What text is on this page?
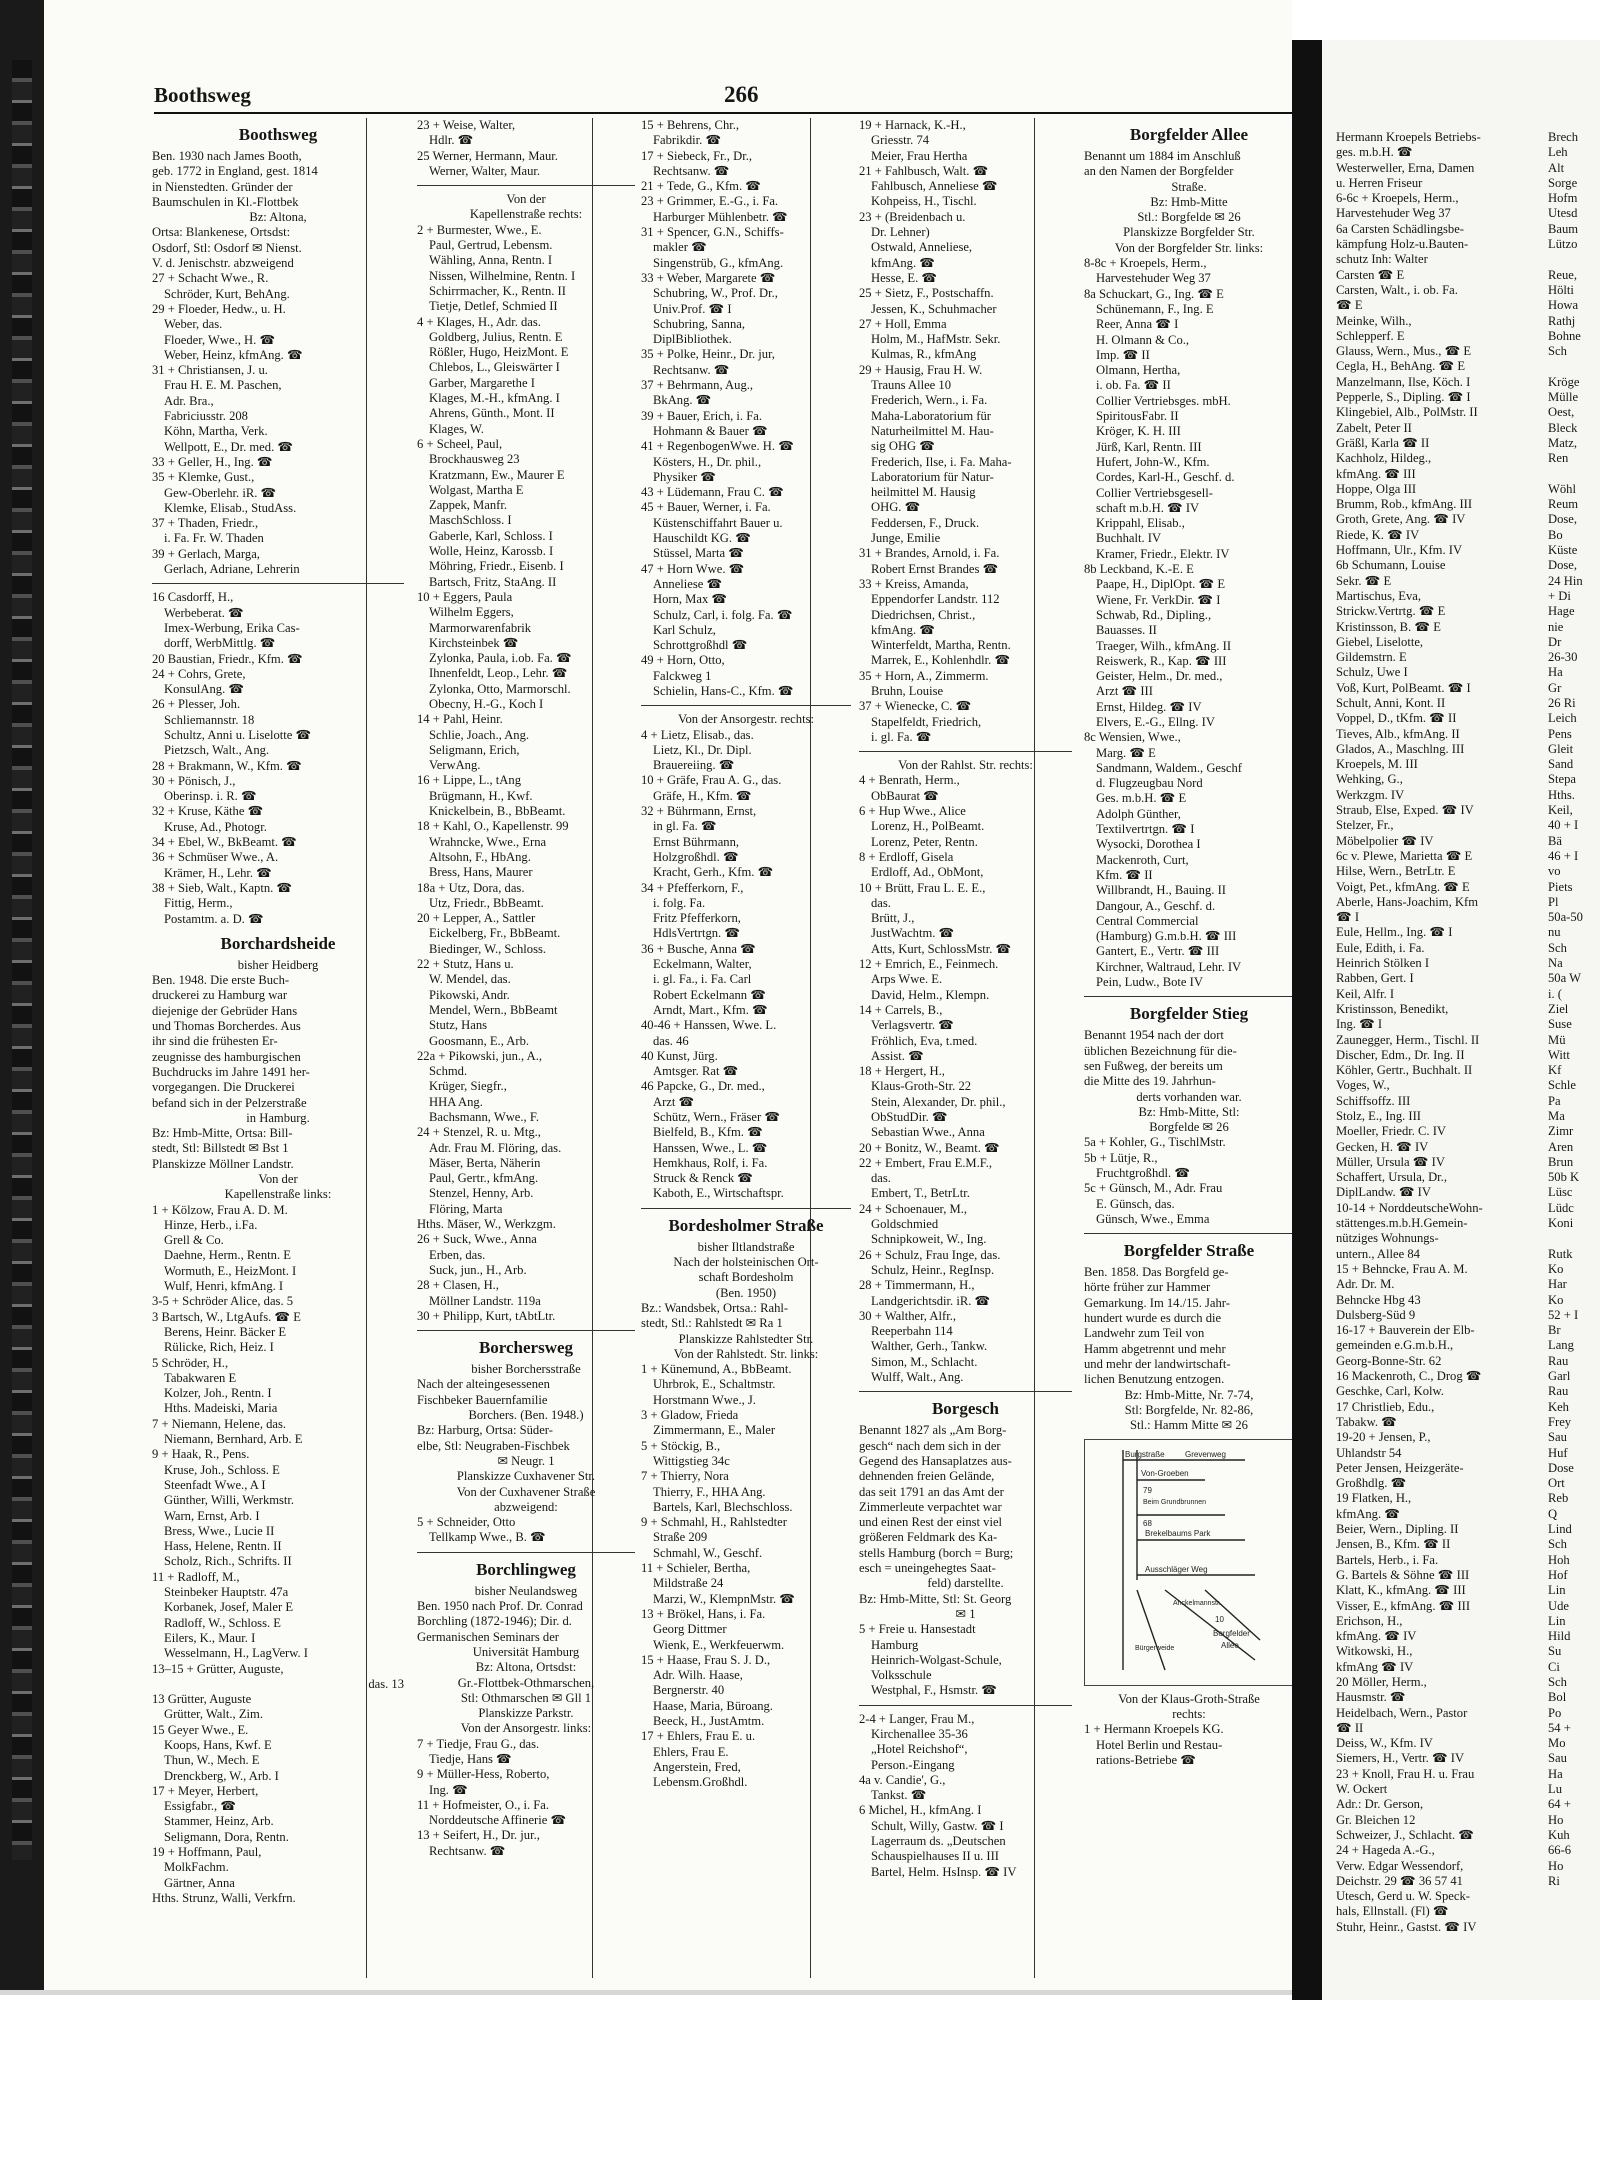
Boothsweg	266
Boothsweg
Ben. 1930 nach James Booth,
geb. 1772 in England, gest. 1814
in Nienstedten. Gründer der
Baumschulen in Kl.-Flottbek
Bz: Altona,
Ortsa: Blankenese, Ortsdst:
Osdorf, Stl: Osdorf ✉ Nienst.
V. d. Jenischstr. abzweigend
27 + Schacht Wwe., R.
Schröder, Kurt, BehAng.
29 + Floeder, Hedw., u. H.
Weber, das.
Floeder, Wwe., H. ☎
Weber, Heinz, kfmAng. ☎
31 + Christiansen, J. u.
Frau H. E. M. Paschen,
Adr. Bra.,
Fabriciusstr. 208
Köhn, Martha, Verk.
Wellpott, E., Dr. med. ☎
33 + Geller, H., Ing. ☎
35 + Klemke, Gust.,
Gew-Oberlehr. iR. ☎
Klemke, Elisab., StudAss.
37 + Thaden, Friedr.,
i. Fa. Fr. W. Thaden
39 + Gerlach, Marga,
Gerlach, Adriane, Lehrerin
16 Casdorff, H.,
Werbeberat. ☎
Imex-Werbung, Erika Cas-
dorff, WerbMittlg. ☎
20 Baustian, Friedr., Kfm. ☎
24 + Cohrs, Grete,
KonsulAng. ☎
26 + Plesser, Joh.
Schliemannstr. 18
Schultz, Anni u. Liselotte ☎
Pietzsch, Walt., Ang.
28 + Brakmann, W., Kfm. ☎
30 + Pönisch, J.,
Oberinsp. i. R. ☎
32 + Kruse, Käthe ☎
Kruse, Ad., Photogr.
34 + Ebel, W., BkBeamt. ☎
36 + Schmüser Wwe., A.
Krämer, H., Lehr. ☎
38 + Sieb, Walt., Kaptn. ☎
Fittig, Herm.,
Postamtm. a. D. ☎
Borchardsheide
bisher Heidberg
Ben. 1948. Die erste Buch-
druckerei zu Hamburg war
diejenige der Gebrüder Hans
und Thomas Borcherdes. Aus
ihr sind die frühesten Er-
zeugnisse des hamburgischen
Buchdrucks im Jahre 1491 her-
vorgegangen. Die Druckerei
befand sich in der Pelzerstraße
in Hamburg.
Bz: Hmb-Mitte, Ortsa: Bill-
stedt, Stl: Billstedt ✉ Bst 1
Planskizze Möllner Landstr.
Von der
Kapellenstraße links:
1 + Kölzow, Frau A. D. M.
Hinze, Herb., i.Fa.
Grell & Co.
Daehne, Herm., Rentn. E
Wormuth, E., HeizMont. I
Wulf, Henri, kfmAng. I
3-5 + Schröder Alice, das. 5
3 Bartsch, W., LtgAufs. ☎ E
Berens, Heinr. Bäcker E
Rülicke, Rich, Heiz. I
5 Schröder, H.,
Tabakwaren E
Kolzer, Joh., Rentn. I
Hths. Madeiski, Maria
7 + Niemann, Helene, das.
Niemann, Bernhard, Arb. E
9 + Haak, R., Pens.
Kruse, Joh., Schloss. E
Steenfadt Wwe., A I
Günther, Willi, Werkmstr.
Warn, Ernst, Arb. I
Bress, Wwe., Lucie II
Hass, Helene, Rentn. II
Scholz, Rich., Schrifts. II
11 + Radloff, M.,
Steinbeker Hauptstr. 47a
Korbanek, Josef, Maler E
Radloff, W., Schloss. E
Eilers, K., Maur. I
Wesselmann, H., LagVerw. I
13–15 + Grütter, Auguste,
das. 13
13 Grütter, Auguste
Grütter, Walt., Zim.
15 Geyer Wwe., E.
Koops, Hans, Kwf. E
Thun, W., Mech. E
Drenckberg, W., Arb. I
17 + Meyer, Herbert,
Essigfabr., ☎
Stammer, Heinz, Arb.
Seligmann, Dora, Rentn.
19 + Hoffmann, Paul,
MolkFachm.
Gärtner, Anna
Hths. Strunz, Walli, Verkfrn.
23 + Weise, Walter,
Hdlr. ☎
25 Werner, Hermann, Maur.
Werner, Walter, Maur.
Von der
Kapellenstraße rechts:
2 + Burmester, Wwe., E.
Paul, Gertrud, Lebensm.
Wähling, Anna, Rentn. I
Nissen, Wilhelmine, Rentn. I
Schirrmacher, K., Rentn. II
Tietje, Detlef, Schmied II
4 + Klages, H., Adr. das.
Goldberg, Julius, Rentn. E
Rößler, Hugo, HeizMont. E
Chlebos, L., Gleiswärter I
Garber, Margarethe I
Klages, M.-H., kfmAng. I
Ahrens, Günth., Mont. II
Klages, W.
6 + Scheel, Paul,
Brockhausweg 23
Kratzmann, Ew., Maurer E
Wolgast, Martha E
Zappek, Manfr.
MaschSchloss. I
Gaberle, Karl, Schloss. I
Wolle, Heinz, Karossb. I
Möhring, Friedr., Eisenb. I
Bartsch, Fritz, StaAng. II
10 + Eggers, Paula
Wilhelm Eggers,
Marmorwarenfabrik
Kirchsteinbek ☎
Zylonka, Paula, i.ob. Fa. ☎
Ihnenfeldt, Leop., Lehr. ☎
Zylonka, Otto, Marmorschl.
Obecny, H.-G., Koch I
14 + Pahl, Heinr.
Schlie, Joach., Ang.
Seligmann, Erich,
VerwAng.
16 + Lippe, L., tAng
Brügmann, H., Kwf.
Knickelbein, B., BbBeamt.
18 + Kahl, O., Kapellenstr. 99
Wrahncke, Wwe., Erna
Altsohn, F., HbAng.
Bress, Hans, Maurer
18a + Utz, Dora, das.
Utz, Friedr., BbBeamt.
20 + Lepper, A., Sattler
Eickelberg, Fr., BbBeamt.
Biedinger, W., Schloss.
22 + Stutz, Hans u.
W. Mendel, das.
Pikowski, Andr.
Mendel, Wern., BbBeamt
Stutz, Hans
Goosmann, E., Arb.
22a + Pikowski, jun., A.,
Schmd.
Krüger, Siegfr.,
HHA Ang.
Bachsmann, Wwe., F.
24 + Stenzel, R. u. Mtg.,
Adr. Frau M. Flöring, das.
Mäser, Berta, Näherin
Paul, Gertr., kfmAng.
Stenzel, Henny, Arb.
Flöring, Marta
Hths. Mäser, W., Werkzgm.
26 + Suck, Wwe., Anna
Erben, das.
Suck, jun., H., Arb.
28 + Clasen, H.,
Möllner Landstr. 119a
30 + Philipp, Kurt, tAbtLtr.
Borchersweg
bisher Borchersstraße
Nach der alteingesessenen
Fischbeker Bauernfamilie
Borchers. (Ben. 1948.)
Bz: Harburg, Ortsa: Süder-
elbe, Stl: Neugraben-Fischbek
✉ Neugr. 1
Planskizze Cuxhavener Str.
Von der Cuxhavener Straße
abzweigend:
5 + Schneider, Otto
Tellkamp Wwe., B. ☎
Borchlingweg
bisher Neulandsweg
Ben. 1950 nach Prof. Dr. Conrad
Borchling (1872-1946); Dir. d.
Germanischen Seminars der
Universität Hamburg
Bz: Altona, Ortsdst:
Gr.-Flottbek-Othmarschen,
Stl: Othmarschen ✉ Gll 1
Planskizze Parkstr.
Von der Ansorgestr. links:
7 + Tiedje, Frau G., das.
Tiedje, Hans ☎
9 + Müller-Hess, Roberto,
Ing. ☎
11 + Hofmeister, O., i. Fa.
Norddeutsche Affinerie ☎
13 + Seifert, H., Dr. jur.,
Rechtsanw. ☎
15 + Behrens, Chr.,
Fabrikdir. ☎
17 + Siebeck, Fr., Dr.,
Rechtsanw. ☎
21 + Tede, G., Kfm. ☎
23 + Grimmer, E.-G., i. Fa.
Harburger Mühlenbetr. ☎
31 + Spencer, G.N., Schiffs-
makler ☎
Singenstrüb, G., kfmAng.
33 + Weber, Margarete ☎
Schubring, W., Prof. Dr.,
Univ.Prof. ☎ I
Schubring, Sanna,
DiplBibliothek.
35 + Polke, Heinr., Dr. jur,
Rechtsanw. ☎
37 + Behrmann, Aug.,
BkAng. ☎
39 + Bauer, Erich, i. Fa.
Hohmann & Bauer ☎
41 + RegenbogenWwe. H. ☎
Kösters, H., Dr. phil.,
Physiker ☎
43 + Lüdemann, Frau C. ☎
45 + Bauer, Werner, i. Fa.
Küstenschiffahrt Bauer u.
Hauschildt KG. ☎
Stüssel, Marta ☎
47 + Horn Wwe. ☎
Anneliese ☎
Horn, Max ☎
Schulz, Carl, i. folg. Fa. ☎
Karl Schulz,
Schrottgroßhdl ☎
49 + Horn, Otto,
Falckweg 1
Schielin, Hans-C., Kfm. ☎
Von der Ansorgestr. rechts:
4 + Lietz, Elisab., das.
Lietz, Kl., Dr. Dipl.
Brauereiing. ☎
10 + Gräfe, Frau A. G., das.
Gräfe, H., Kfm. ☎
32 + Bührmann, Ernst,
in gl. Fa. ☎
Ernst Bührmann,
Holzgroßhdl. ☎
Kracht, Gerh., Kfm. ☎
34 + Pfefferkorn, F.,
i. folg. Fa.
Fritz Pfefferkorn,
HdlsVertrtgn. ☎
36 + Busche, Anna ☎
Eckelmann, Walter,
i. gl. Fa., i. Fa. Carl
Robert Eckelmann ☎
Arndt, Mart., Kfm. ☎
40-46 + Hanssen, Wwe. L.
das. 46
40 Kunst, Jürg.
Amtsger. Rat ☎
46 Papcke, G., Dr. med.,
Arzt ☎
Schütz, Wern., Fräser ☎
Bielfeld, B., Kfm. ☎
Hanssen, Wwe., L. ☎
Hemkhaus, Rolf, i. Fa.
Struck & Renck ☎
Kaboth, E., Wirtschaftspr.
Bordesholmer Straße
bisher Iltlandstraße
Nach der holsteinischen Ort-
schaft Bordesholm
(Ben. 1950)
Bz.: Wandsbek, Ortsa.: Rahl-
stedt, Stl.: Rahlstedt ✉ Ra 1
Planskizze Rahlstedter Str.
Von der Rahlstedt. Str. links:
1 + Künemund, A., BbBeamt.
Uhrbrok, E., Schaltmstr.
Horstmann Wwe., J.
3 + Gladow, Frieda
Zimmermann, E., Maler
5 + Stöckig, B.,
Wittigstieg 34c
7 + Thierry, Nora
Thierry, F., HHA Ang.
Bartels, Karl, Blechschloss.
9 + Schmahl, H., Rahlstedter
Straße 209
Schmahl, W., Geschf.
11 + Schieler, Bertha,
Mildstraße 24
Marzi, W., KlempnMstr. ☎
13 + Brökel, Hans, i. Fa.
Georg Dittmer
Wienk, E., Werkfeuerwm.
15 + Haase, Frau S. J. D.,
Adr. Wilh. Haase,
Bergnerstr. 40
Haase, Maria, Büroang.
Beeck, H., JustAmtm.
17 + Ehlers, Frau E. u.
Ehlers, Frau E.
Angerstein, Fred,
Lebensm.Großhdl.
19 + Harnack, K.-H.,
Griesstr. 74
Meier, Frau Hertha
21 + Fahlbusch, Walt. ☎
Fahlbusch, Anneliese ☎
Kohpeiss, H., Tischl.
23 + (Breidenbach u.
Dr. Lehner)
Ostwald, Anneliese,
kfmAng. ☎
Hesse, E. ☎
25 + Sietz, F., Postschaffn.
Jessen, K., Schuhmacher
27 + Holl, Emma
Holm, M., HafMstr. Sekr.
Kulmas, R., kfmAng
29 + Hausig, Frau H. W.
Trauns Allee 10
Frederich, Wern., i. Fa.
Maha-Laboratorium für
Naturheilmittel M. Hau-
sig OHG ☎
Frederich, Ilse, i. Fa. Maha-
Laboratorium für Natur-
heilmittel M. Hausig
OHG. ☎
Feddersen, F., Druck.
Junge, Emilie
31 + Brandes, Arnold, i. Fa.
Robert Ernst Brandes ☎
33 + Kreiss, Amanda,
Eppendorfer Landstr. 112
Diedrichsen, Christ.,
kfmAng. ☎
Winterfeldt, Martha, Rentn.
Marrek, E., Kohlenhdlr. ☎
35 + Horn, A., Zimmerm.
Bruhn, Louise
37 + Wienecke, C. ☎
Stapelfeldt, Friedrich,
i. gl. Fa. ☎
Von der Rahlst. Str. rechts:
4 + Benrath, Herm.,
ObBaurat ☎
6 + Hup Wwe., Alice
Lorenz, H., PolBeamt.
Lorenz, Peter, Rentn.
8 + Erdloff, Gisela
Erdloff, Ad., ObMont,
10 + Brütt, Frau L. E. E.,
das.
Brütt, J.,
JustWachtm. ☎
Atts, Kurt, SchlossMstr. ☎
12 + Emrich, E., Feinmech.
Arps Wwe. E.
David, Helm., Klempn.
14 + Carrels, B.,
Verlagsvertr. ☎
Fröhlich, Eva, t.med.
Assist. ☎
18 + Hergert, H.,
Klaus-Groth-Str. 22
Stein, Alexander, Dr. phil.,
ObStudDir. ☎
Sebastian Wwe., Anna
20 + Bonitz, W., Beamt. ☎
22 + Embert, Frau E.M.F.,
das.
Embert, T., BetrLtr.
24 + Schoenauer, M.,
Goldschmied
Schnipkoweit, W., Ing.
26 + Schulz, Frau Inge, das.
Schulz, Heinr., RegInsp.
28 + Timmermann, H.,
Landgerichtsdir. iR. ☎
30 + Walther, Alfr.,
Reeperbahn 114
Walther, Gerh., Tankw.
Simon, M., Schlacht.
Wulff, Walt., Ang.
Borgesch
Benannt 1827 als „Am Borg-
gesch“ nach dem sich in der
Gegend des Hansaplatzes aus-
dehnenden freien Gelände,
das seit 1791 an das Amt der
Zimmerleute verpachtet war
und einen Rest der einst viel
größeren Feldmark des Ka-
stells Hamburg (borch = Burg;
esch = uneingehegtes Saat-
feld) darstellte.
Bz: Hmb-Mitte, Stl: St. Georg
✉ 1
5 + Freie u. Hansestadt
Hamburg
Heinrich-Wolgast-Schule,
Volksschule
Westphal, F., Hsmstr. ☎
2-4 + Langer, Frau M.,
Kirchenallee 35-36
„Hotel Reichshof“,
Person.-Eingang
4a v. Candie', G.,
Tankst. ☎
6 Michel, H., kfmAng. I
Schult, Willy, Gastw. ☎ I
Lagerraum ds. „Deutschen
Schauspielhauses II u. III
Bartel, Helm. HsInsp. ☎ IV
Borgfelder Allee
Benannt um 1884 im Anschluß
an den Namen der Borgfelder
Straße.
Bz: Hmb-Mitte
Stl.: Borgfelde ✉ 26
Planskizze Borgfelder Str.
Von der Borgfelder Str. links:
8-8c + Kroepels, Herm.,
Harvestehuder Weg 37
8a Schuckart, G., Ing. ☎ E
Schünemann, F., Ing. E
Reer, Anna ☎ I
H. Olmann & Co.,
Imp. ☎ II
Olmann, Hertha,
i. ob. Fa. ☎ II
Collier Vertriebsges. mbH.
SpiritousFabr. II
Kröger, K. H. III
Jürß, Karl, Rentn. III
Hufert, John-W., Kfm.
Cordes, Karl-H., Geschf. d.
Collier Vertriebsgesell-
schaft m.b.H. ☎ IV
Krippahl, Elisab.,
Buchhalt. IV
Kramer, Friedr., Elektr. IV
8b Leckband, K.-E. E
Paape, H., DiplOpt. ☎ E
Wiene, Fr. VerkDir. ☎ I
Schwab, Rd., Dipling.,
Bauasses. II
Traeger, Wilh., kfmAng. II
Reiswerk, R., Kap. ☎ III
Geister, Helm., Dr. med.,
Arzt ☎ III
Ernst, Hildeg. ☎ IV
Elvers, E.-G., Ellng. IV
8c Wensien, Wwe.,
Marg. ☎ E
Sandmann, Waldem., Geschf
d. Flugzeugbau Nord
Ges. m.b.H. ☎ E
Adolph Günther,
Textilvertrtgn. ☎ I
Wysocki, Dorothea I
Mackenroth, Curt,
Kfm. ☎ II
Willbrandt, H., Bauing. II
Dangour, A., Geschf. d.
Central Commercial
(Hamburg) G.m.b.H. ☎ III
Gantert, E., Vertr. ☎ III
Kirchner, Waltraud, Lehr. IV
Pein, Ludw., Bote IV
Borgfelder Stieg
Benannt 1954 nach der dort
üblichen Bezeichnung für die-
sen Fußweg, der bereits um
die Mitte des 19. Jahrhun-
derts vorhanden war.
Bz: Hmb-Mitte, Stl:
Borgfelde ✉ 26
5a + Kohler, G., TischlMstr.
5b + Lütje, R.,
Fruchtgroßhdl. ☎
5c + Günsch, M., Adr. Frau
E. Günsch, das.
Günsch, Wwe., Emma
Borgfelder Straße
Ben. 1858. Das Borgfeld ge-
hörte früher zur Hammer
Gemarkung. Im 14./15. Jahr-
hundert wurde es durch die
Landwehr zum Teil von
Hamm abgetrennt und mehr
und mehr der landwirtschaft-
lichen Benutzung entzogen.
Bz: Hmb-Mitte, Nr. 7-74,
Stl: Borgfelde, Nr. 82-86,
Stl.: Hamm Mitte ✉ 26
Burgstraße	Grevenweg
Von-Groeben
79
Beim Grundbrunnen
68
Brekelbaums Park
Ausschläger Weg
Anckelmannstr.
Bürgerweide
10
Borgfelder
Allee
Von der Klaus-Groth-Straße
rechts:
1 + Hermann Kroepels KG.
Hotel Berlin und Restau-
rations-Betriebe ☎
Hermann Kroepels Betriebs-
ges. m.b.H. ☎
Westerweller, Erna, Damen
u. Herren Friseur
6-6c + Kroepels, Herm.,
Harvestehuder Weg 37
6a Carsten Schädlingsbe-
kämpfung Holz-u.Bauten-
schutz Inh: Walter
Carsten ☎ E
Carsten, Walt., i. ob. Fa.
☎ E
Meinke, Wilh.,
Schlepperf. E
Glauss, Wern., Mus., ☎ E
Cegla, H., BehAng. ☎ E
Manzelmann, Ilse, Köch. I
Pepperle, S., Dipling. ☎ I
Klingebiel, Alb., PolMstr. II
Zabelt, Peter II
Gräßl, Karla ☎ II
Kachholz, Hildeg.,
kfmAng. ☎ III
Hoppe, Olga III
Brumm, Rob., kfmAng. III
Groth, Grete, Ang. ☎ IV
Riede, K. ☎ IV
Hoffmann, Ulr., Kfm. IV
6b Schumann, Louise
Sekr. ☎ E
Martischus, Eva,
Strickw.Vertrtg. ☎ E
Kristinsson, B. ☎ E
Giebel, Liselotte,
Gildemstrn. E
Schulz, Uwe I
Voß, Kurt, PolBeamt. ☎ I
Schult, Anni, Kont. II
Voppel, D., tKfm. ☎ II
Tieves, Alb., kfmAng. II
Glados, A., Maschlng. III
Kroepels, M. III
Wehking, G.,
Werkzgm. IV
Straub, Else, Exped. ☎ IV
Stelzer, Fr.,
Möbelpolier ☎ IV
6c v. Plewe, Marietta ☎ E
Hilse, Wern., BetrLtr. E
Voigt, Pet., kfmAng. ☎ E
Aberle, Hans-Joachim, Kfm
☎ I
Eule, Hellm., Ing. ☎ I
Eule, Edith, i. Fa.
Heinrich Stölken I
Rabben, Gert. I
Keil, Alfr. I
Kristinsson, Benedikt,
Ing. ☎ I
Zaunegger, Herm., Tischl. II
Discher, Edm., Dr. Ing. II
Köhler, Gertr., Buchhalt. II
Voges, W.,
Schiffsoffz. III
Stolz, E., Ing. III
Moeller, Friedr. C. IV
Gecken, H. ☎ IV
Müller, Ursula ☎ IV
Schaffert, Ursula, Dr.,
DiplLandw. ☎ IV
10-14 + NorddeutscheWohn-
stättenges.m.b.H.Gemein-
nütziges Wohnungs-
untern., Allee 84
15 + Behncke, Frau A. M.
Adr. Dr. M.
Behncke Hbg 43
Dulsberg-Süd 9
16-17 + Bauverein der Elb-
gemeinden e.G.m.b.H.,
Georg-Bonne-Str. 62
16 Mackenroth, C., Drog ☎
Geschke, Carl, Kolw.
17 Christlieb, Edu.,
Tabakw. ☎
19-20 + Jensen, P.,
Uhlandstr 54
Peter Jensen, Heizgeräte-
Großhdlg. ☎
19 Flatken, H.,
kfmAng. ☎
Beier, Wern., Dipling. II
Jensen, B., Kfm. ☎ II
Bartels, Herb., i. Fa.
G. Bartels & Söhne ☎ III
Klatt, K., kfmAng. ☎ III
Visser, E., kfmAng. ☎ III
Erichson, H.,
kfmAng. ☎ IV
Witkowski, H.,
kfmAng ☎ IV
20 Möller, Herm.,
Hausmstr. ☎
Heidelbach, Wern., Pastor
☎ II
Deiss, W., Kfm. IV
Siemers, H., Vertr. ☎ IV
23 + Knoll, Frau H. u. Frau
W. Ockert
Adr.: Dr. Gerson,
Gr. Bleichen 12
Schweizer, J., Schlacht. ☎
24 + Hageda A.-G.,
Verw. Edgar Wessendorf,
Deichstr. 29 ☎ 36 57 41
Utesch, Gerd u. W. Speck-
hals, Ellnstall. (Fl) ☎
Stuhr, Heinr., Gastst. ☎ IV
Brech
Leh
Alt
Sorge
Hofm
Utesd
Baum
Lützo
Reue,
Hölti
Howa
Rathj
Bohne
Sch
Kröge
Mülle
Oest,
Bleck
Matz,
Ren
Wöhl
Reum
Dose,
Bo
Küste
Dose,
24 Hin
+ Di
Hage
nie
Dr
26-30
Ha
Gr
26 Ri
Leich
Pens
Gleit
Sand
Stepa
Hths.
Keil,
40 + I
Bä
46 + I
vo
Piets
Pl
50a-50
nu
Sch
Na
50a W
i. (
Ziel
Suse
Mü
Witt
Kf
Schle
Pa
Ma
Zimr
Aren
Brun
50b K
Lüsc
Lüdc
Koni
Rutk
Ko
Har
Ko
52 + I
Br
Lang
Rau
Garl
Rau
Keh
Frey
Sau
Huf
Dose
Ort
Reb
Q
Lind
Sch
Hoh
Hof
Lin
Ude
Lin
Hild
Su
Ci
Sch
Bol
Po
54 +
Mo
Sau
Ha
Lu
64 +
Ho
Kuh
66-6
Ho
Ri
